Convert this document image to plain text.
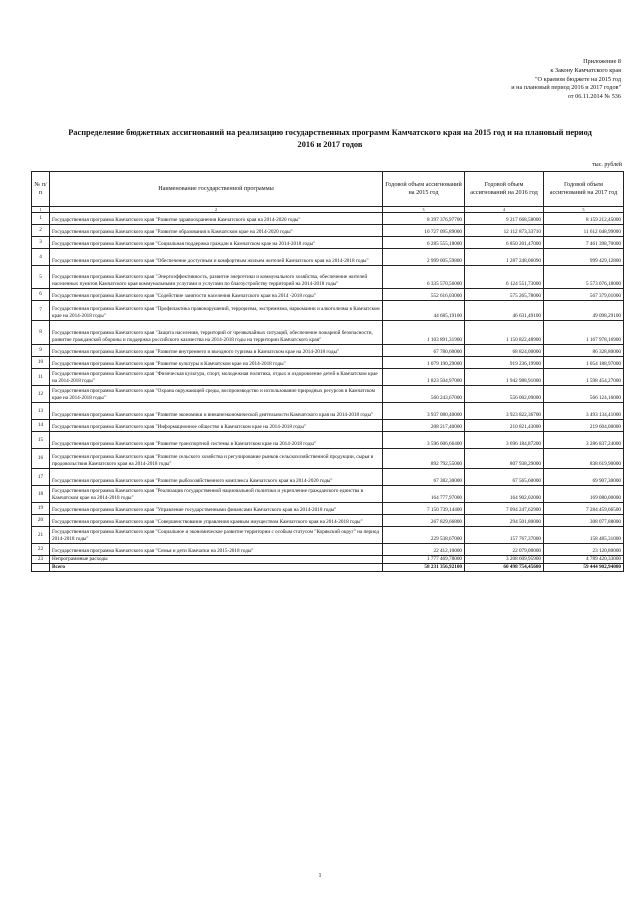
Приложение 8
к Закону Камчатского края
"О краевом бюджете на 2015 год
и на плановый период 2016 и 2017 годов"
от 06.11.2014 № 536
Распределение бюджетных ассигнований на реализацию государственных программ Камчатского края на 2015 год и на плановый период 2016 и 2017 годов
тыс. рублей
№ п/п	Наименование государственной программы	Годовой объем ассигнований на 2015 год	Годовой объем ассигнований на 2016 год	Годовой объем ассигнований на 2017 год
1	2	3	4	5
1	Государственная программа Камчатского края "Развитие здравоохранения Камчатского края на 2014-2020 годы"	8 397 376,97700	9 217 668,58000	8 159 212,45000
2	Государственная программа Камчатского края "Развитие образования в Камчатском крае на 2014-2020 годы"	10 727 095,89000	12 112 873,33710	11 612 048,99000
3	Государственная программа Камчатского края "Социальная поддержка граждан в Камчатском крае на 2014-2018 годы"	6 285 555,18000	6 850 201,47000	7 461 398,70000
4	Государственная программа Камчатского края "Обеспечение доступным и комфортным жильем жителей Камчатского края на 2014-2018 годы"	2 999 005,59800	1 287 248,06090	999 429,12800
5	Государственная программа Камчатского края "Энергоэффективность, развитие энергетики и коммунального хозяйства, обеспечение жителей населенных пунктов Камчатского края коммунальными услугами и услугами по благоустройству территорий на 2014-2018 годы"	6 335 570,56000	6 124 551,73000	5 573 076,18000
6	Государственная программа Камчатского края "Содействие занятости населения Камчатского края на 2014 -2018 годы"	552 616,03000	575 265,78000	567 379,01000
7	Государственная программа Камчатского края "Профилактика правонарушений, терроризма, экстремизма, наркомании и алкоголизма в Камчатском крае на 2014-2018 годы"	44 685,19100	46 631,49100	49 098,29100
8	Государственная программа Камчатского края "Защита населения, территорий от чрезвычайных ситуаций, обеспечение пожарной безопасности, развитие гражданской обороны и поддержка российского казачества на 2014-2018 годы на территории Камчатского края"	1 103 891,31900	1 150 822,48900	1 167 978,16900
9	Государственная программа Камчатского края "Развитие внутреннего и въездного туризма в Камчатском крае на 2014-2018 годы"	67 780,60000	68 824,00000	86 328,80000
10	Государственная программа Камчатского края "Развитие культуры в Камчатском крае на 2014-2018 годы"	1 079 190,29000	919 236,19900	1 054 188,97000
11	Государственная программа Камчатского края "Физическая культура, спорт, молодежная политика, отдых и оздоровление детей в Камчатском крае на 2014-2018 годы"	1 823 504,97000	1 942 988,91000	1 598 454,27000
12	Государственная программа Камчатского края "Охрана окружающей среды, воспроизводство и использование природных ресурсов в Камчатском крае на 2014-2018 годы"	560 243,67000	556 002,09000	566 124,16000
13	Государственная программа Камчатского края "Развитие экономики и внешнеэкономической деятельности Камчатского края на 2014-2018 годы"	3 937 080,40000	3 923 822,36700	3 493 134,41000
14	Государственная программа Камчатского края "Информационное общество в Камчатском крае на 2014-2018 годы"	208 217,40000	210 821,43000	219 604,00000
15	Государственная программа Камчатского края "Развитие транспортной системы в Камчатском крае на 2014-2018 годы"	3 596 606,66400	3 696 184,87200	3 286 837,24000
16	Государственная программа Камчатского края "Развитие сельского хозяйства и регулирование рынков сельскохозяйственной продукции, сырья и продовольствия Камчатского края на 2014-2018 годы"	892 792,55000	807 938,29000	838 619,90000
17	Государственная программа Камчатского края "Развитие рыбохозяйственного комплекса Камчатского края на 2014-2020 годы"	67 382,30000	67 565,60000	69 907,30000
18	Государственная программа Камчатского края "Реализация государственной национальной политики и укрепление гражданского единства в Камчатском крае на 2014-2018 годы"	164 777,97000	164 902,02000	169 080,00000
19	Государственная программа Камчатского края "Управление государственными финансами Камчатского края на 2014-2018 годы"	7 150 739,14400	7 094 247,62900	7 284 459,66500
20	Государственная программа Камчатского края "Совершенствование управления краевым имуществом Камчатского края на 2014-2018 годы"	267 829,66800	294 501,80000	308 077,88000
21	Государственная программа Камчатского края "Социальное и экономическое развитие территории с особым статусом "Корякский округ" на период 2014-2018 годы"	229 538,67000	157 767,37000	158 485,31000
22	Государственная программа Камчатского края "Семья и дети Камчатки на 2015-2018 годы"	22 412,10000	22 079,00000	23 120,80000
23	Непрограммные расходы	1 777 469,78000	3 208 609,95900	4 789 420,33000
	Всего	58 231 356,92100	60 498 754,45600	59 444 902,94000
1
